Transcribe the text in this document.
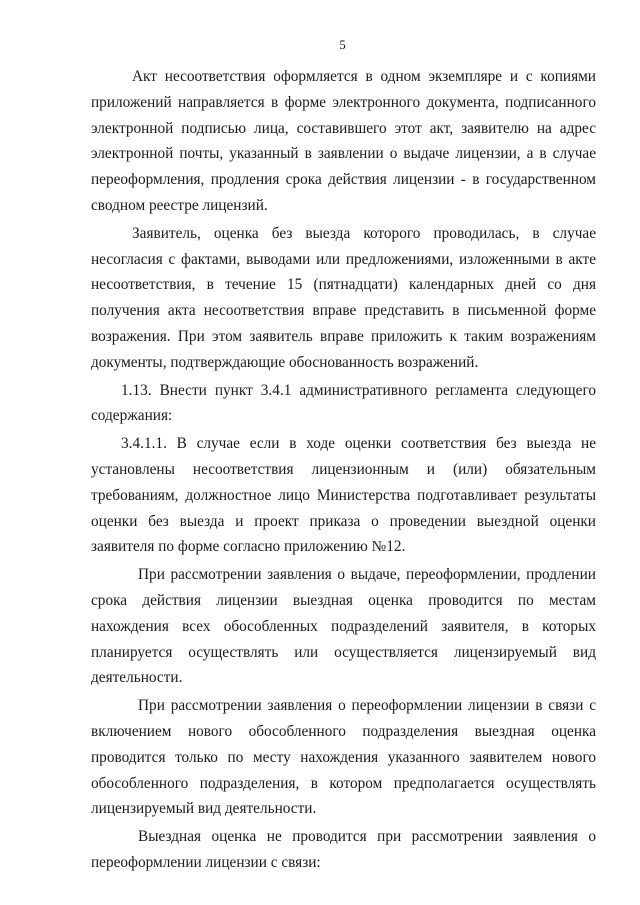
5

Акт несоответствия оформляется в одном экземпляре и с копиями приложений направляется в форме электронного документа, подписанного электронной подписью лица, составившего этот акт, заявителю на адрес электронной почты, указанный в заявлении о выдаче лицензии, а в случае переоформления, продления срока действия лицензии - в государственном сводном реестре лицензий.

Заявитель, оценка без выезда которого проводилась, в случае несогласия с фактами, выводами или предложениями, изложенными в акте несоответствия, в течение 15 (пятнадцати) календарных дней со дня получения акта несоответствия вправе представить в письменной форме возражения. При этом заявитель вправе приложить к таким возражениям документы, подтверждающие обоснованность возражений.

1.13. Внести пункт 3.4.1 административного регламента следующего содержания:

3.4.1.1. В случае если в ходе оценки соответствия без выезда не установлены несоответствия лицензионным и (или) обязательным требованиям, должностное лицо Министерства подготавливает результаты оценки без выезда и проект приказа о проведении выездной оценки заявителя по форме согласно приложению №12.

При рассмотрении заявления о выдаче, переоформлении, продлении срока действия лицензии выездная оценка проводится по местам нахождения всех обособленных подразделений заявителя, в которых планируется осуществлять или осуществляется лицензируемый вид деятельности.

При рассмотрении заявления о переоформлении лицензии в связи с включением нового обособленного подразделения выездная оценка проводится только по месту нахождения указанного заявителем нового обособленного подразделения, в котором предполагается осуществлять лицензируемый вид деятельности.

Выездная оценка не проводится при рассмотрении заявления о переоформлении лицензии с связи:
